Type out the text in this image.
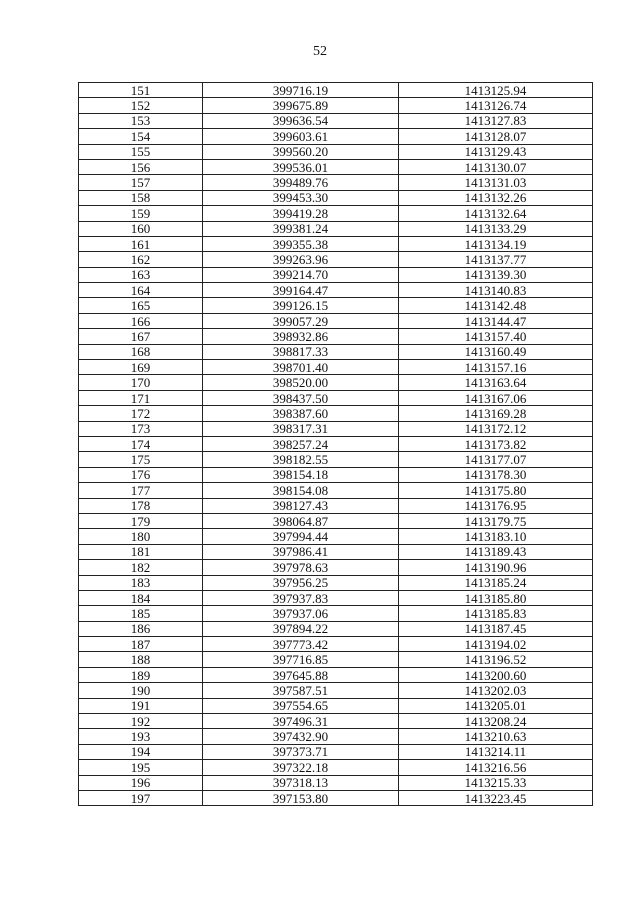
52
151	399716.19	1413125.94
152	399675.89	1413126.74
153	399636.54	1413127.83
154	399603.61	1413128.07
155	399560.20	1413129.43
156	399536.01	1413130.07
157	399489.76	1413131.03
158	399453.30	1413132.26
159	399419.28	1413132.64
160	399381.24	1413133.29
161	399355.38	1413134.19
162	399263.96	1413137.77
163	399214.70	1413139.30
164	399164.47	1413140.83
165	399126.15	1413142.48
166	399057.29	1413144.47
167	398932.86	1413157.40
168	398817.33	1413160.49
169	398701.40	1413157.16
170	398520.00	1413163.64
171	398437.50	1413167.06
172	398387.60	1413169.28
173	398317.31	1413172.12
174	398257.24	1413173.82
175	398182.55	1413177.07
176	398154.18	1413178.30
177	398154.08	1413175.80
178	398127.43	1413176.95
179	398064.87	1413179.75
180	397994.44	1413183.10
181	397986.41	1413189.43
182	397978.63	1413190.96
183	397956.25	1413185.24
184	397937.83	1413185.80
185	397937.06	1413185.83
186	397894.22	1413187.45
187	397773.42	1413194.02
188	397716.85	1413196.52
189	397645.88	1413200.60
190	397587.51	1413202.03
191	397554.65	1413205.01
192	397496.31	1413208.24
193	397432.90	1413210.63
194	397373.71	1413214.11
195	397322.18	1413216.56
196	397318.13	1413215.33
197	397153.80	1413223.45
